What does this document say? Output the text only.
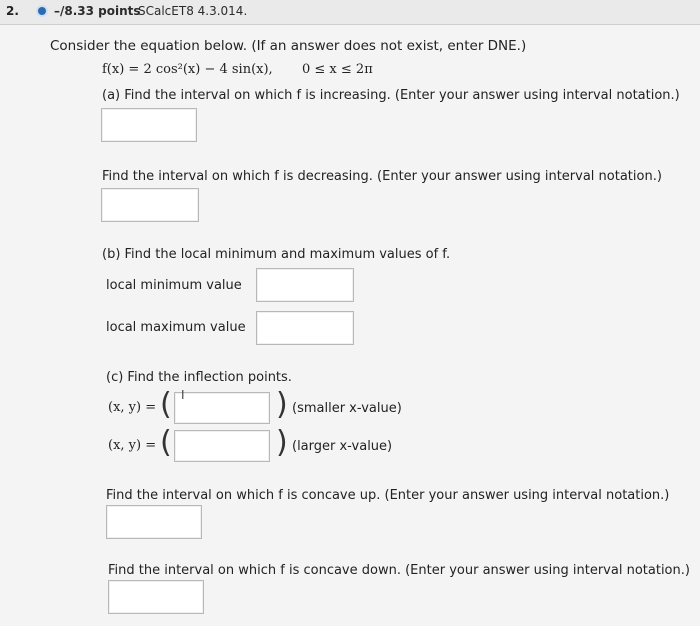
2.	–/8.33 points
SCalcET8 4.3.014.
Consider the equation below. (If an answer does not exist, enter DNE.)
f(x) = 2 cos²(x) − 4 sin(x), 0 ≤ x ≤ 2π
(a) Find the interval on which f is increasing. (Enter your answer using interval notation.)
Find the interval on which f is decreasing. (Enter your answer using interval notation.)
(b) Find the local minimum and maximum values of f.
local minimum value
local maximum value
(c) Find the inflection points.
(x, y) = ( I	) (smaller x-value)
(x, y) = (	) (larger x-value)
Find the interval on which f is concave up. (Enter your answer using interval notation.)
Find the interval on which f is concave down. (Enter your answer using interval notation.)
